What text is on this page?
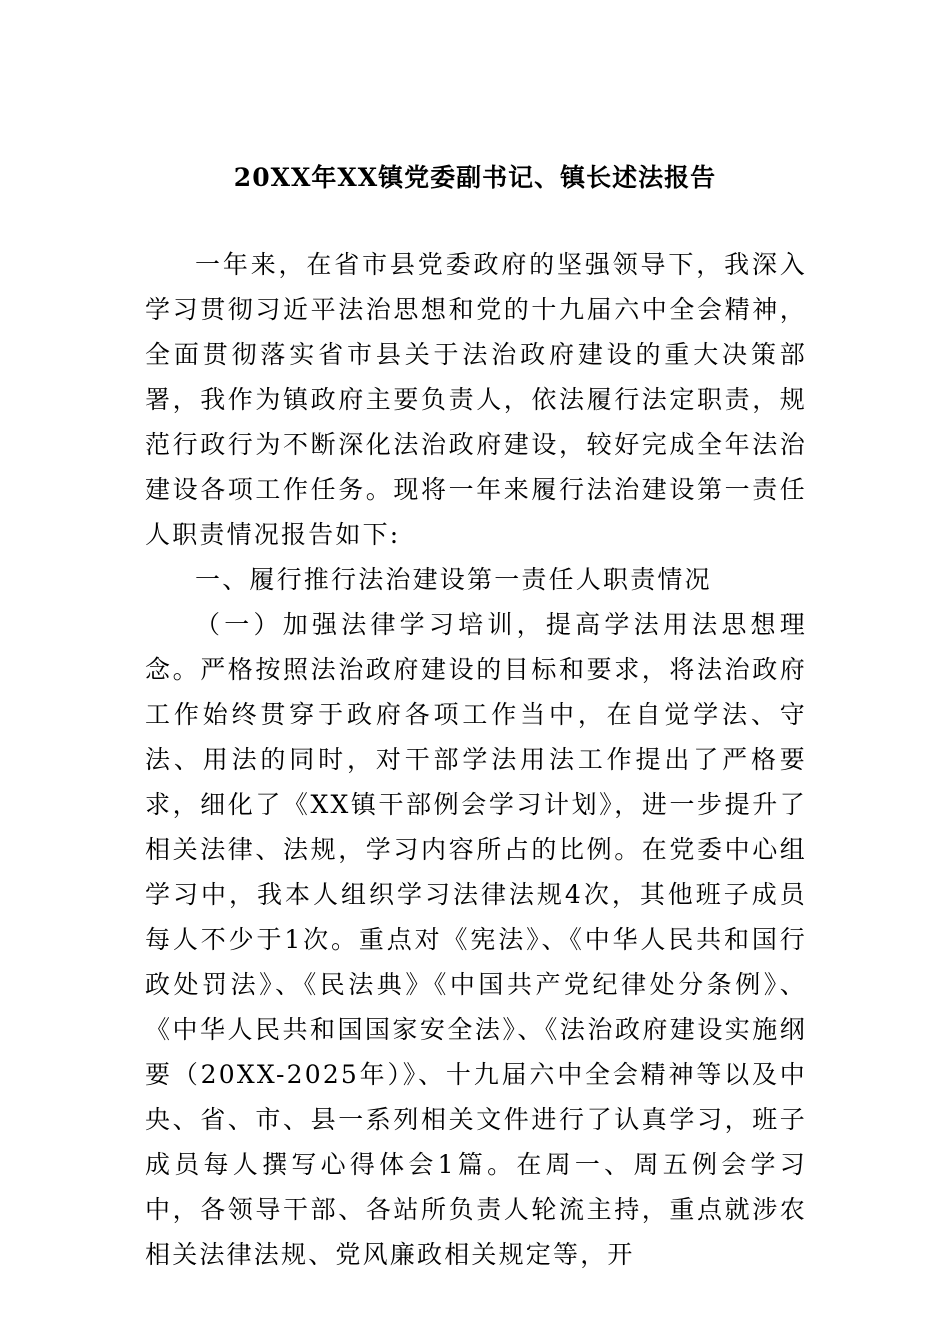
20XX年XX镇党委副书记、镇长述法报告

一年来，在省市县党委政府的坚强领导下，我深入学习贯彻习近平法治思想和党的十九届六中全会精神，全面贯彻落实省市县关于法治政府建设的重大决策部署，我作为镇政府主要负责人，依法履行法定职责，规范行政行为不断深化法治政府建设，较好完成全年法治建设各项工作任务。现将一年来履行法治建设第一责任人职责情况报告如下:

一、履行推行法治建设第一责任人职责情况

（一）加强法律学习培训，提高学法用法思想理念。严格按照法治政府建设的目标和要求，将法治政府工作始终贯穿于政府各项工作当中，在自觉学法、守法、用法的同时，对干部学法用法工作提出了严格要求，细化了《XX镇干部例会学习计划》，进一步提升了相关法律、法规，学习内容所占的比例。在党委中心组学习中，我本人组织学习法律法规4次，其他班子成员每人不少于1次。重点对《宪法》、《中华人民共和国行政处罚法》、《民法典》《中国共产党纪律处分条例》、《中华人民共和国国家安全法》、《法治政府建设实施纲要（20XX-2025年）》、十九届六中全会精神等以及中央、省、市、县一系列相关文件进行了认真学习，班子成员每人撰写心得体会1篇。在周一、周五例会学习中，各领导干部、各站所负责人轮流主持，重点就涉农相关法律法规、党风廉政相关规定等，开
